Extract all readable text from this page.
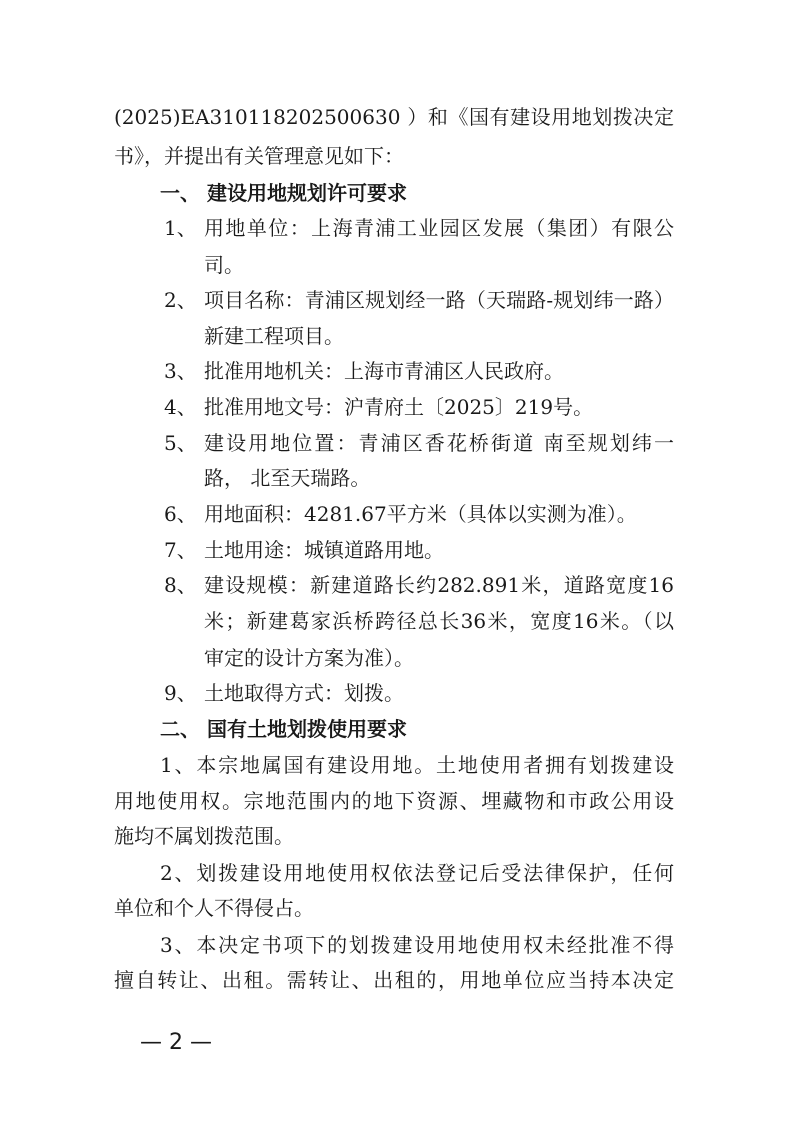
(2025)EA310118202500630 ）和《国有建设用地划拨决定
书》，并提出有关管理意见如下：
一、 建设用地规划许可要求
1、 用地单位：上海青浦工业园区发展（集团）有限公
司。
2、 项目名称：青浦区规划经一路（天瑞路-规划纬一路）
新建工程项目。
3、 批准用地机关：上海市青浦区人民政府。
4、 批准用地文号：沪青府土〔2025〕219号。
5、 建设用地位置：青浦区香花桥街道 南至规划纬一
路， 北至天瑞路。
6、 用地面积：4281.67平方米（具体以实测为准）。
7、 土地用途：城镇道路用地。
8、 建设规模：新建道路长约282.891米，道路宽度16
米；新建葛家浜桥跨径总长36米，宽度16米。（以
审定的设计方案为准）。
9、 土地取得方式：划拨。
二、 国有土地划拨使用要求
1、本宗地属国有建设用地。土地使用者拥有划拨建设
用地使用权。宗地范围内的地下资源、埋藏物和市政公用设
施均不属划拨范围。
2、划拨建设用地使用权依法登记后受法律保护，任何
单位和个人不得侵占。
3、本决定书项下的划拨建设用地使用权未经批准不得
擅自转让、出租。需转让、出租的，用地单位应当持本决定
— 2 —
